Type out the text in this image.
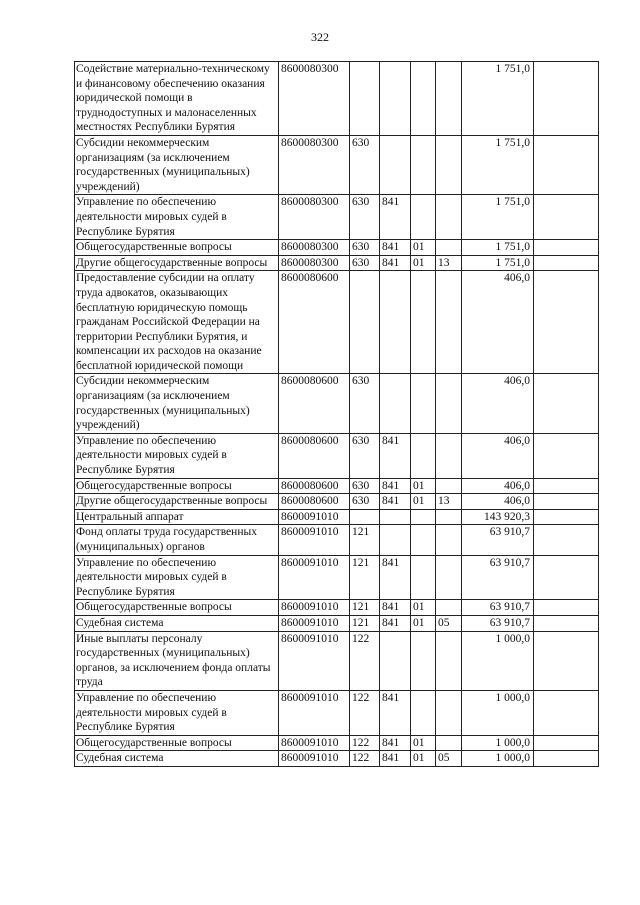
322
Содействие материально-техническому и финансовому обеспечению оказания юридической помощи в труднодоступных и малонаселенных местностях Республики Бурятия	8600080300					1 751,0	
Субсидии некоммерческим организациям (за исключением государственных (муниципальных) учреждений)	8600080300	630				1 751,0	
Управление по обеспечению деятельности мировых судей в Республике Бурятия	8600080300	630	841			1 751,0	
Общегосударственные вопросы	8600080300	630	841	01		1 751,0	
Другие общегосударственные вопросы	8600080300	630	841	01	13	1 751,0	
Предоставление субсидии на оплату труда адвокатов, оказывающих бесплатную юридическую помощь гражданам Российской Федерации на территории Республики Бурятия, и компенсации их расходов на оказание бесплатной юридической помощи	8600080600					406,0	
Субсидии некоммерческим организациям (за исключением государственных (муниципальных) учреждений)	8600080600	630				406,0	
Управление по обеспечению деятельности мировых судей в Республике Бурятия	8600080600	630	841			406,0	
Общегосударственные вопросы	8600080600	630	841	01		406,0	
Другие общегосударственные вопросы	8600080600	630	841	01	13	406,0	
Центральный аппарат	8600091010					143 920,3	
Фонд оплаты труда государственных (муниципальных) органов	8600091010	121				63 910,7	
Управление по обеспечению деятельности мировых судей в Республике Бурятия	8600091010	121	841			63 910,7	
Общегосударственные вопросы	8600091010	121	841	01		63 910,7	
Судебная система	8600091010	121	841	01	05	63 910,7	
Иные выплаты персоналу государственных (муниципальных) органов, за исключением фонда оплаты труда	8600091010	122				1 000,0	
Управление по обеспечению деятельности мировых судей в Республике Бурятия	8600091010	122	841			1 000,0	
Общегосударственные вопросы	8600091010	122	841	01		1 000,0	
Судебная система	8600091010	122	841	01	05	1 000,0	
